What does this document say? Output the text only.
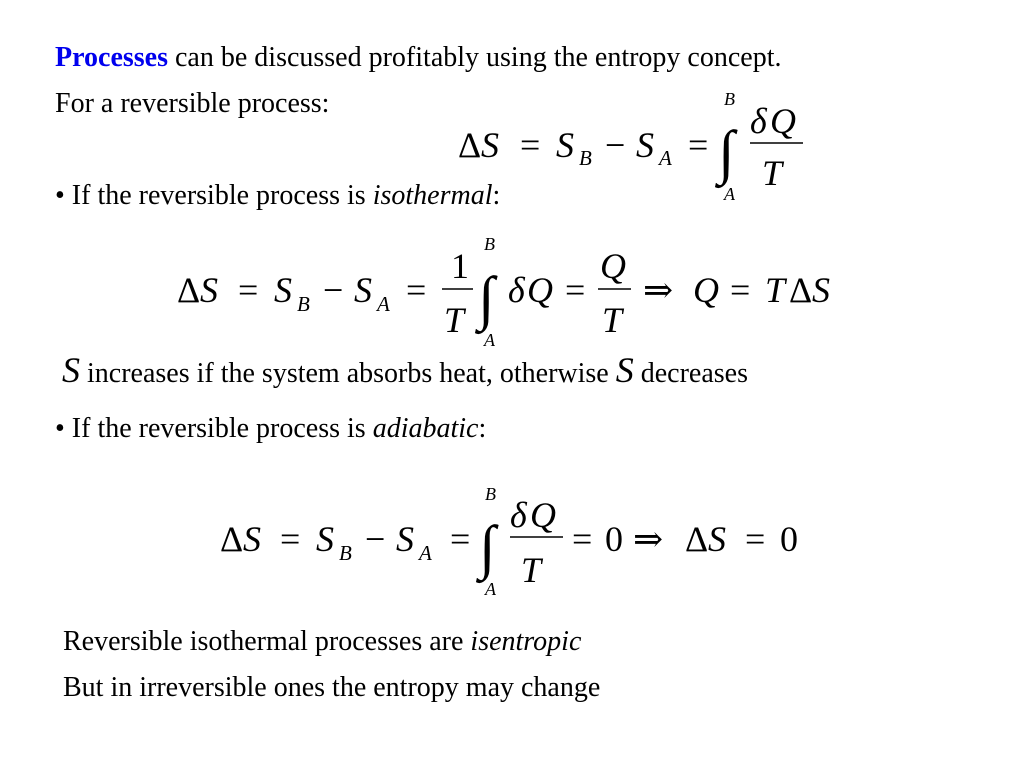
Processes can be discussed profitably using the entropy concept.
For a reversible process:
Δ S = S B − S A =
B
∫
A
δ Q
T
• If the reversible process is isothermal:
Δ S = S B − S A =
1
T
B
∫
A
δ Q =
Q
T
⇒ Q = T Δ S
S increases if the system absorbs heat, otherwise S decreases
• If the reversible process is adiabatic:
Δ S = S B − S A =
B
∫
A
δ Q
T
= 0 ⇒ Δ S = 0
Reversible isothermal processes are isentropic
But in irreversible ones the entropy may change
